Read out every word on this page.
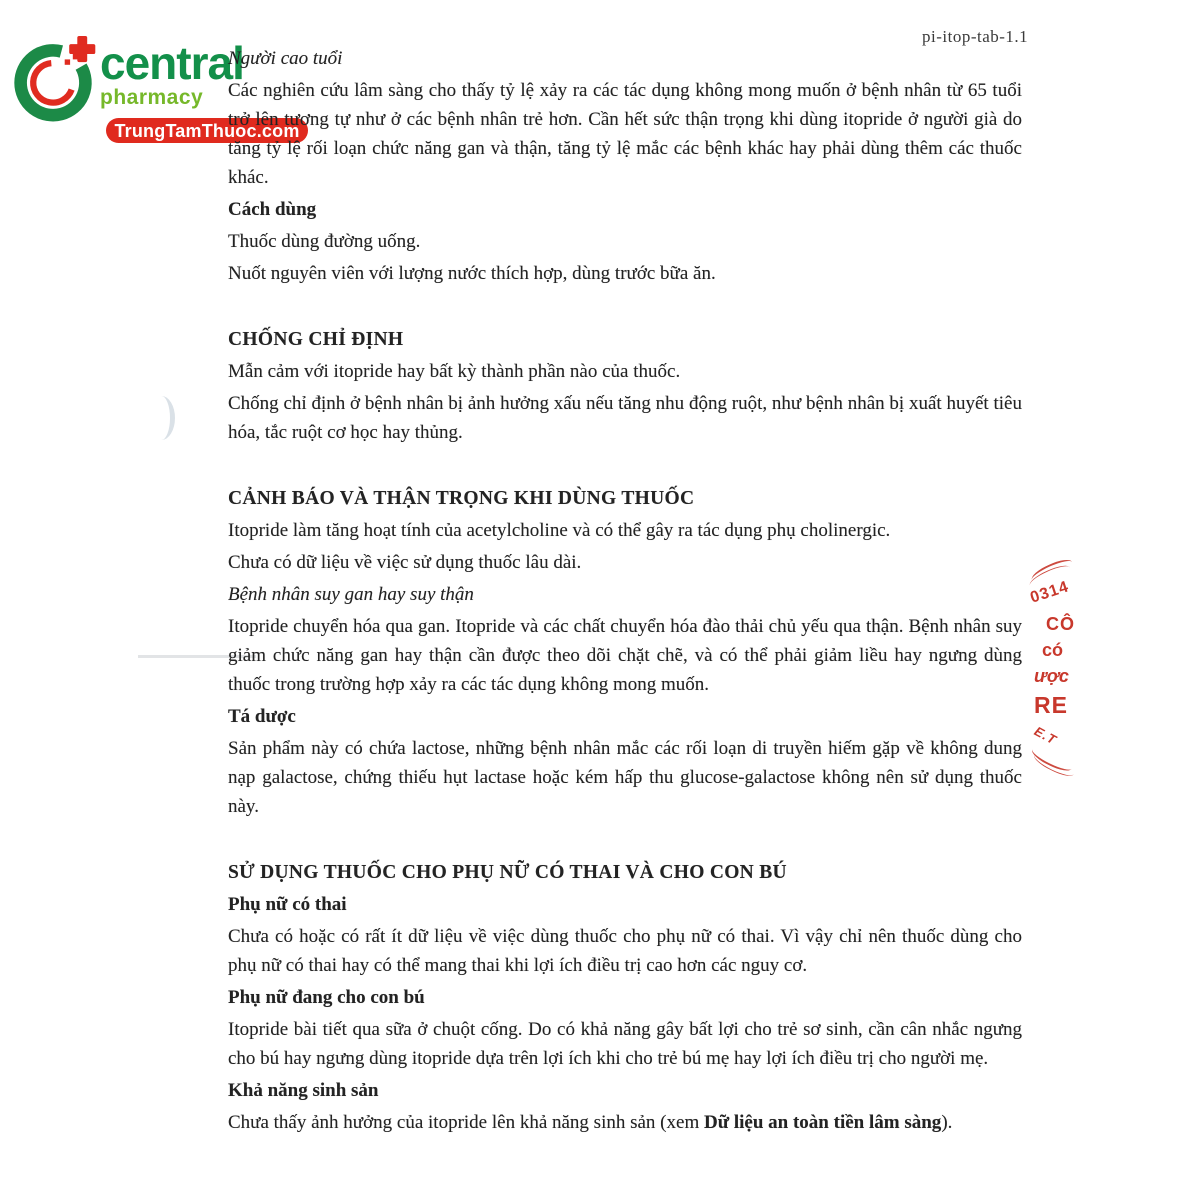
central
pharmacy
TrungTamThuoc.com
pi-itop-tab-1.1

Người cao tuổi

Các nghiên cứu lâm sàng cho thấy tỷ lệ xảy ra các tác dụng không mong muốn ở bệnh nhân từ 65 tuổi trở lên tương tự như ở các bệnh nhân trẻ hơn. Cần hết sức thận trọng khi dùng itopride ở người già do tăng tỷ lệ rối loạn chức năng gan và thận, tăng tỷ lệ mắc các bệnh khác hay phải dùng thêm các thuốc khác.

Cách dùng

Thuốc dùng đường uống.

Nuốt nguyên viên với lượng nước thích hợp, dùng trước bữa ăn.

CHỐNG CHỈ ĐỊNH

Mẫn cảm với itopride hay bất kỳ thành phần nào của thuốc.

Chống chỉ định ở bệnh nhân bị ảnh hưởng xấu nếu tăng nhu động ruột, như bệnh nhân bị xuất huyết tiêu hóa, tắc ruột cơ học hay thủng.

CẢNH BÁO VÀ THẬN TRỌNG KHI DÙNG THUỐC

Itopride làm tăng hoạt tính của acetylcholine và có thể gây ra tác dụng phụ cholinergic.

Chưa có dữ liệu về việc sử dụng thuốc lâu dài.

Bệnh nhân suy gan hay suy thận

Itopride chuyển hóa qua gan. Itopride và các chất chuyển hóa đào thải chủ yếu qua thận. Bệnh nhân suy giảm chức năng gan hay thận cần được theo dõi chặt chẽ, và có thể phải giảm liều hay ngưng dùng thuốc trong trường hợp xảy ra các tác dụng không mong muốn.

Tá dược

Sản phẩm này có chứa lactose, những bệnh nhân mắc các rối loạn di truyền hiếm gặp về không dung nạp galactose, chứng thiếu hụt lactase hoặc kém hấp thu glucose-galactose không nên sử dụng thuốc này.

SỬ DỤNG THUỐC CHO PHỤ NỮ CÓ THAI VÀ CHO CON BÚ

Phụ nữ có thai

Chưa có hoặc có rất ít dữ liệu về việc dùng thuốc cho phụ nữ có thai. Vì vậy chỉ nên thuốc dùng cho phụ nữ có thai hay có thể mang thai khi lợi ích điều trị cao hơn các nguy cơ.

Phụ nữ đang cho con bú

Itopride bài tiết qua sữa ở chuột cống. Do có khả năng gây bất lợi cho trẻ sơ sinh, cần cân nhắc ngưng cho bú hay ngưng dùng itopride dựa trên lợi ích khi cho trẻ bú mẹ hay lợi ích điều trị cho người mẹ.

Khả năng sinh sản

Chưa thấy ảnh hưởng của itopride lên khả năng sinh sản (xem Dữ liệu an toàn tiền lâm sàng).

0314
CÔ
có
ược
RE
E.T
